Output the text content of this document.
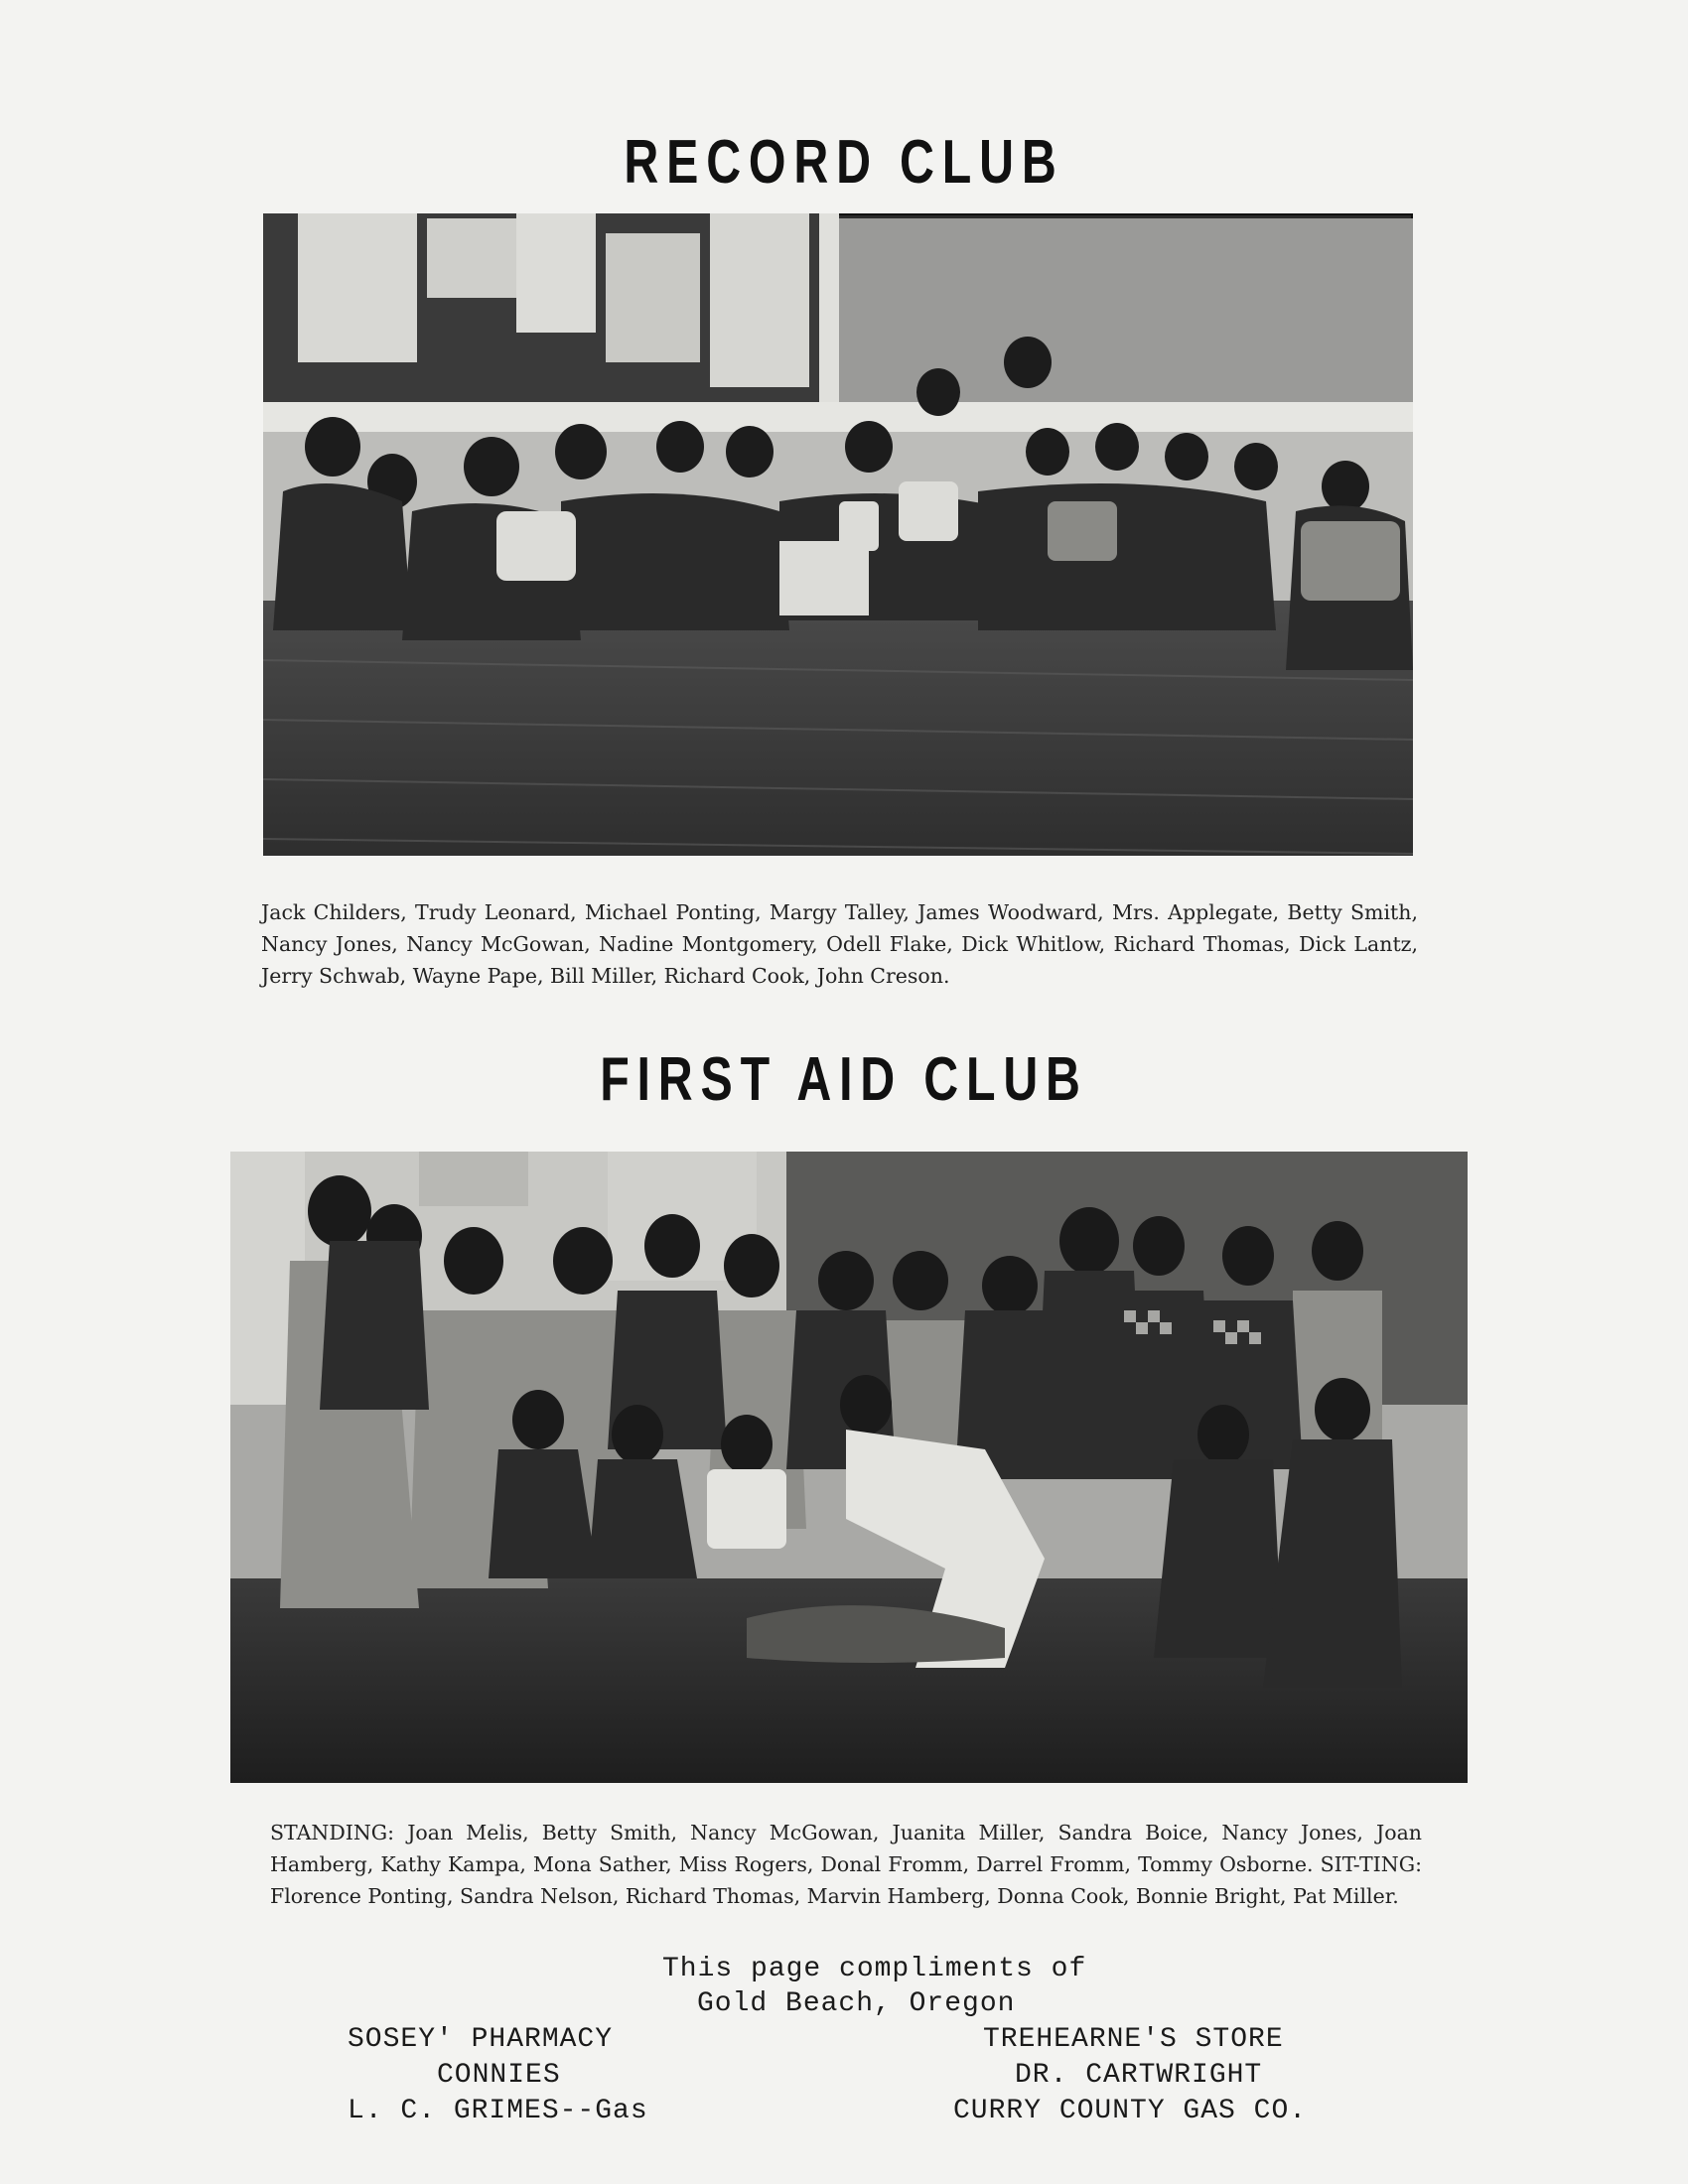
RECORD CLUB
Jack Childers, Trudy Leonard, Michael Ponting, Margy Talley, James Woodward, Mrs. Applegate, Betty Smith, Nancy Jones, Nancy McGowan, Nadine Montgomery, Odell Flake, Dick Whitlow, Richard Thomas, Dick Lantz, Jerry Schwab, Wayne Pape, Bill Miller, Richard Cook, John Creson.
FIRST AID CLUB
STANDING: Joan Melis, Betty Smith, Nancy McGowan, Juanita Miller, Sandra Boice, Nancy Jones, Joan Hamberg, Kathy Kampa, Mona Sather, Miss Rogers, Donal Fromm, Darrel Fromm, Tommy Osborne. SIT-TING: Florence Ponting, Sandra Nelson, Richard Thomas, Marvin Hamberg, Donna Cook, Bonnie Bright, Pat Miller.
This page compliments of
Gold Beach, Oregon
SOSEY' PHARMACY
CONNIES
L. C. GRIMES--Gas
TREHEARNE'S STORE
DR. CARTWRIGHT
CURRY COUNTY GAS CO.
